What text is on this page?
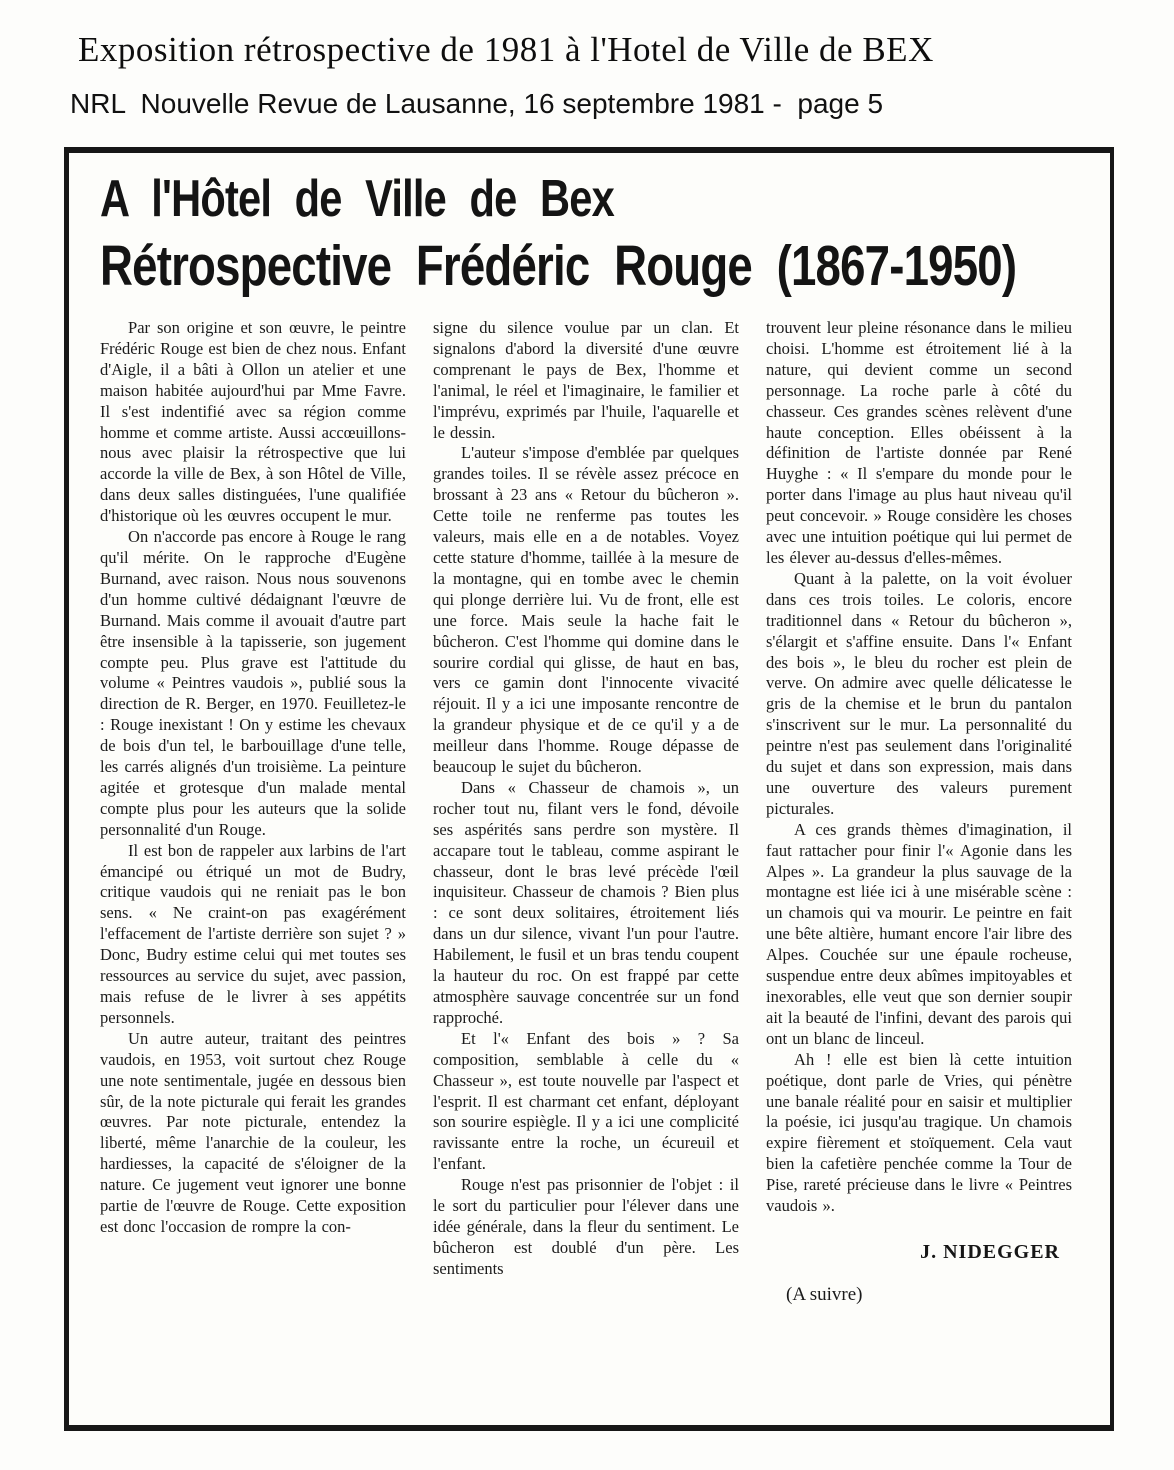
Exposition rétrospective de 1981 à l'Hotel de Ville de BEX
NRL  Nouvelle Revue de Lausanne, 16 septembre 1981 -  page 5
A l'Hôtel de Ville de Bex
Rétrospective Frédéric Rouge (1867-1950)

Par son origine et son œuvre, le peintre Frédéric Rouge est bien de chez nous. Enfant d'Aigle, il a bâti à Ollon un atelier et une maison habitée aujourd'hui par Mme Favre. Il s'est indentifié avec sa région comme homme et comme artiste. Aussi accœuillons-nous avec plaisir la rétrospective que lui accorde la ville de Bex, à son Hôtel de Ville, dans deux salles distinguées, l'une qualifiée d'historique où les œuvres occupent le mur.

On n'accorde pas encore à Rouge le rang qu'il mérite. On le rapproche d'Eugène Burnand, avec raison. Nous nous souvenons d'un homme cultivé dédaignant l'œuvre de Burnand. Mais comme il avouait d'autre part être insensible à la tapisserie, son jugement compte peu. Plus grave est l'attitude du volume « Peintres vaudois », publié sous la direction de R. Berger, en 1970. Feuilletez-le : Rouge inexistant ! On y estime les chevaux de bois d'un tel, le barbouillage d'une telle, les carrés alignés d'un troisième. La peinture agitée et grotesque d'un malade mental compte plus pour les auteurs que la solide personnalité d'un Rouge.

Il est bon de rappeler aux larbins de l'art émancipé ou étriqué un mot de Budry, critique vaudois qui ne reniait pas le bon sens. « Ne craint-on pas exagérément l'effacement de l'artiste derrière son sujet ? » Donc, Budry estime celui qui met toutes ses ressources au service du sujet, avec passion, mais refuse de le livrer à ses appétits personnels.

Un autre auteur, traitant des peintres vaudois, en 1953, voit surtout chez Rouge une note sentimentale, jugée en dessous bien sûr, de la note picturale qui ferait les grandes œuvres. Par note picturale, entendez la liberté, même l'anarchie de la couleur, les hardiesses, la capacité de s'éloigner de la nature. Ce jugement veut ignorer une bonne partie de l'œuvre de Rouge. Cette exposition est donc l'occasion de rompre la con-

signe du silence voulue par un clan. Et signalons d'abord la diversité d'une œuvre comprenant le pays de Bex, l'homme et l'animal, le réel et l'imaginaire, le familier et l'imprévu, exprimés par l'huile, l'aquarelle et le dessin.

L'auteur s'impose d'emblée par quelques grandes toiles. Il se révèle assez précoce en brossant à 23 ans « Retour du bûcheron ». Cette toile ne renferme pas toutes les valeurs, mais elle en a de notables. Voyez cette stature d'homme, taillée à la mesure de la montagne, qui en tombe avec le chemin qui plonge derrière lui. Vu de front, elle est une force. Mais seule la hache fait le bûcheron. C'est l'homme qui domine dans le sourire cordial qui glisse, de haut en bas, vers ce gamin dont l'innocente vivacité réjouit. Il y a ici une imposante rencontre de la grandeur physique et de ce qu'il y a de meilleur dans l'homme. Rouge dépasse de beaucoup le sujet du bûcheron.

Dans « Chasseur de chamois », un rocher tout nu, filant vers le fond, dévoile ses aspérités sans perdre son mystère. Il accapare tout le tableau, comme aspirant le chasseur, dont le bras levé précède l'œil inquisiteur. Chasseur de chamois ? Bien plus : ce sont deux solitaires, étroitement liés dans un dur silence, vivant l'un pour l'autre. Habilement, le fusil et un bras tendu coupent la hauteur du roc. On est frappé par cette atmosphère sauvage concentrée sur un fond rapproché.

Et l'« Enfant des bois » ? Sa composition, semblable à celle du « Chasseur », est toute nouvelle par l'aspect et l'esprit. Il est charmant cet enfant, déployant son sourire espiègle. Il y a ici une complicité ravissante entre la roche, un écureuil et l'enfant.

Rouge n'est pas prisonnier de l'objet : il le sort du particulier pour l'élever dans une idée générale, dans la fleur du sentiment. Le bûcheron est doublé d'un père. Les sentiments

trouvent leur pleine résonance dans le milieu choisi. L'homme est étroitement lié à la nature, qui devient comme un second personnage. La roche parle à côté du chasseur. Ces grandes scènes relèvent d'une haute conception. Elles obéissent à la définition de l'artiste donnée par René Huyghe : « Il s'empare du monde pour le porter dans l'image au plus haut niveau qu'il peut concevoir. » Rouge considère les choses avec une intuition poétique qui lui permet de les élever au-dessus d'elles-mêmes.

Quant à la palette, on la voit évoluer dans ces trois toiles. Le coloris, encore traditionnel dans « Retour du bûcheron », s'élargit et s'affine ensuite. Dans l'« Enfant des bois », le bleu du rocher est plein de verve. On admire avec quelle délicatesse le gris de la chemise et le brun du pantalon s'inscrivent sur le mur. La personnalité du peintre n'est pas seulement dans l'originalité du sujet et dans son expression, mais dans une ouverture des valeurs purement picturales.

A ces grands thèmes d'imagination, il faut rattacher pour finir l'« Agonie dans les Alpes ». La grandeur la plus sauvage de la montagne est liée ici à une misérable scène : un chamois qui va mourir. Le peintre en fait une bête altière, humant encore l'air libre des Alpes. Couchée sur une épaule rocheuse, suspendue entre deux abîmes impitoyables et inexorables, elle veut que son dernier soupir ait la beauté de l'infini, devant des parois qui ont un blanc de linceul.

Ah ! elle est bien là cette intuition poétique, dont parle de Vries, qui pénètre une banale réalité pour en saisir et multiplier la poésie, ici jusqu'au tragique. Un chamois expire fièrement et stoïquement. Cela vaut bien la cafetière penchée comme la Tour de Pise, rareté précieuse dans le livre « Peintres vaudois ».

J. NIDEGGER
(A suivre)
